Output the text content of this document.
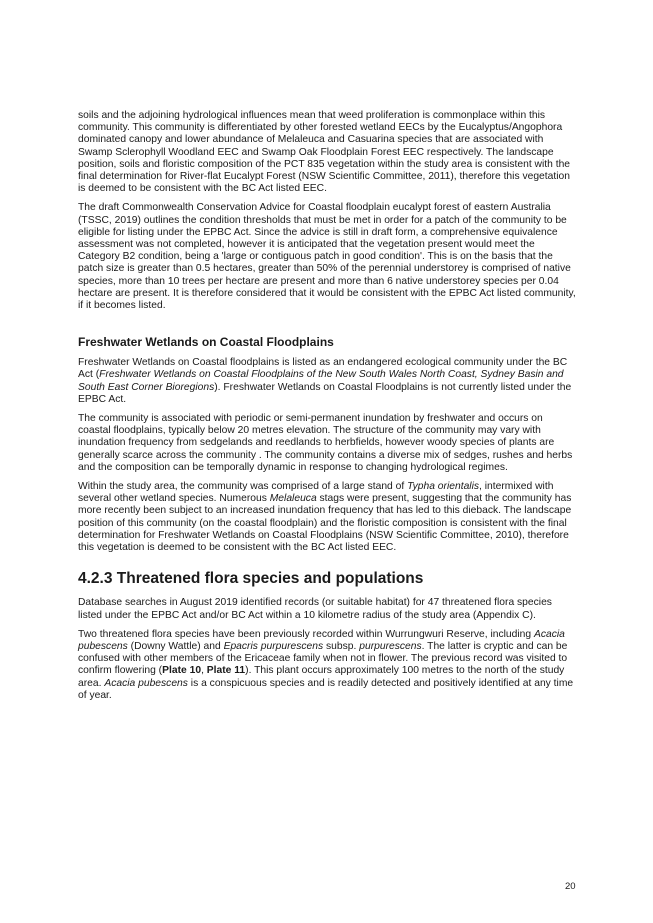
soils and the adjoining hydrological influences mean that weed proliferation is commonplace within this community. This community is differentiated by other forested wetland EECs by the Eucalyptus/Angophora dominated canopy and lower abundance of Melaleuca and Casuarina species that are associated with Swamp Sclerophyll Woodland EEC and Swamp Oak Floodplain Forest EEC respectively. The landscape position, soils and floristic composition of the PCT 835 vegetation within the study area is consistent with the final determination for River-flat Eucalypt Forest (NSW Scientific Committee, 2011), therefore this vegetation is deemed to be consistent with the BC Act listed EEC.

The draft Commonwealth Conservation Advice for Coastal floodplain eucalypt forest of eastern Australia (TSSC, 2019) outlines the condition thresholds that must be met in order for a patch of the community to be eligible for listing under the EPBC Act. Since the advice is still in draft form, a comprehensive equivalence assessment was not completed, however it is anticipated that the vegetation present would meet the Category B2 condition, being a 'large or contiguous patch in good condition'. This is on the basis that the patch size is greater than 0.5 hectares, greater than 50% of the perennial understorey is comprised of native species, more than 10 trees per hectare are present and more than 6 native understorey species per 0.04 hectare are present. It is therefore considered that it would be consistent with the EPBC Act listed community, if it becomes listed.

Freshwater Wetlands on Coastal Floodplains

Freshwater Wetlands on Coastal floodplains is listed as an endangered ecological community under the BC Act (Freshwater Wetlands on Coastal Floodplains of the New South Wales North Coast, Sydney Basin and South East Corner Bioregions). Freshwater Wetlands on Coastal Floodplains is not currently listed under the EPBC Act.

The community is associated with periodic or semi-permanent inundation by freshwater and occurs on coastal floodplains, typically below 20 metres elevation. The structure of the community may vary with inundation frequency from sedgelands and reedlands to herbfields, however woody species of plants are generally scarce across the community . The community contains a diverse mix of sedges, rushes and herbs and the composition can be temporally dynamic in response to changing hydrological regimes.

Within the study area, the community was comprised of a large stand of Typha orientalis, intermixed with several other wetland species. Numerous Melaleuca stags were present, suggesting that the community has more recently been subject to an increased inundation frequency that has led to this dieback. The landscape position of this community (on the coastal floodplain) and the floristic composition is consistent with the final determination for Freshwater Wetlands on Coastal Floodplains (NSW Scientific Committee, 2010), therefore this vegetation is deemed to be consistent with the BC Act listed EEC.

4.2.3 Threatened flora species and populations

Database searches in August 2019 identified records (or suitable habitat) for 47 threatened flora species listed under the EPBC Act and/or BC Act within a 10 kilometre radius of the study area (Appendix C).

Two threatened flora species have been previously recorded within Wurrungwuri Reserve, including Acacia pubescens (Downy Wattle) and Epacris purpurescens subsp. purpurescens. The latter is cryptic and can be confused with other members of the Ericaceae family when not in flower. The previous record was visited to confirm flowering (Plate 10, Plate 11). This plant occurs approximately 100 metres to the north of the study area. Acacia pubescens is a conspicuous species and is readily detected and positively identified at any time of year.

20
